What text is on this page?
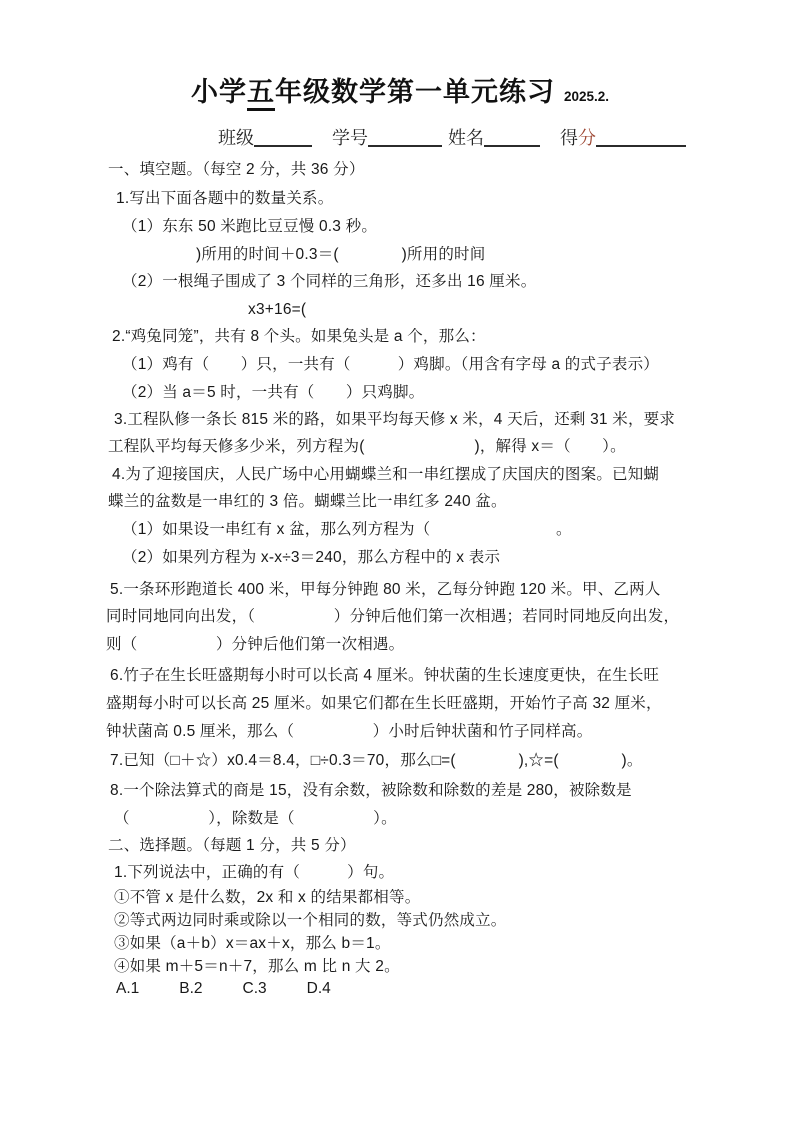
小学五年级数学第一单元练习 2025.2.
班级	学号	姓名	得分
一、填空题。（每空 2 分，共 36 分）
1.写出下面各题中的数量关系。
（1）东东 50 米跑比豆豆慢 0.3 秒。
)所用的时间＋0.3＝(　　　　)所用的时间
（2）一根绳子围成了 3 个同样的三角形，还多出 16 厘米。
x3+16=(
2.“鸡兔同笼”，共有 8 个头。如果兔头是 a 个，那么：
（1）鸡有（　　）只，一共有（　　　）鸡脚。（用含有字母 a 的式子表示）
（2）当 a＝5 时，一共有（　　）只鸡脚。
3.工程队修一条长 815 米的路，如果平均每天修 x 米，4 天后，还剩 31 米，要求
工程队平均每天修多少米，列方程为(　　　　　　　)，解得 x＝（　　）。
4.为了迎接国庆，人民广场中心用蝴蝶兰和一串红摆成了庆国庆的图案。已知蝴
蝶兰的盆数是一串红的 3 倍。蝴蝶兰比一串红多 240 盆。
（1）如果设一串红有 x 盆，那么列方程为（　　　　　　　　。
（2）如果列方程为 x-x÷3＝240，那么方程中的 x 表示
5.一条环形跑道长 400 米，甲每分钟跑 80 米，乙每分钟跑 120 米。甲、乙两人
同时同地同向出发，（　　　　　）分钟后他们第一次相遇；若同时同地反向出发，
则（　　　　　）分钟后他们第一次相遇。
6.竹子在生长旺盛期每小时可以长高 4 厘米。钟状菌的生长速度更快，在生长旺
盛期每小时可以长高 25 厘米。如果它们都在生长旺盛期，开始竹子高 32 厘米，
钟状菌高 0.5 厘米，那么（　　　　　）小时后钟状菌和竹子同样高。
7.已知（□＋☆）x0.4＝8.4，□÷0.3＝70，那么□=(　　　　),☆=(　　　　)。
8.一个除法算式的商是 15，没有余数，被除数和除数的差是 280，被除数是
（　　　　　），除数是（　　　　　）。
二、选择题。（每题 1 分，共 5 分）
1.下列说法中，正确的有（　　　）句。
①不管 x 是什么数，2x 和 x 的结果都相等。
②等式两边同时乘或除以一个相同的数，等式仍然成立。
③如果（a＋b）x＝ax＋x，那么 b＝1。
④如果 m＋5＝n＋7，那么 m 比 n 大 2。
A.1	B.2	C.3	D.4
